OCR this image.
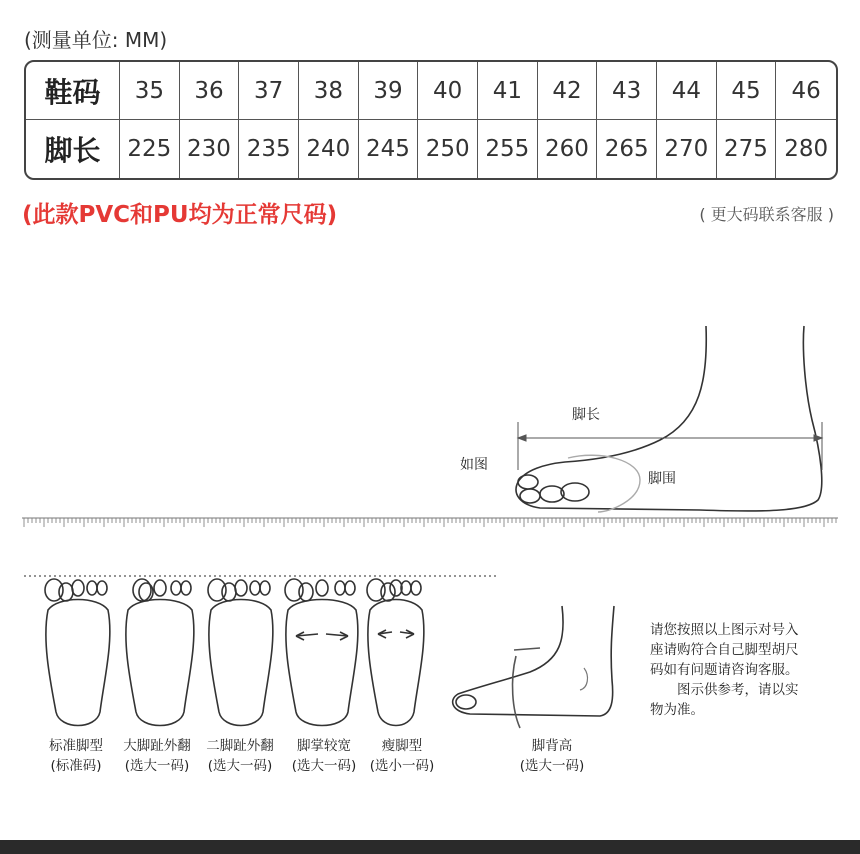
(测量单位: MM)
鞋码	35	36	37	38	39	40	41	42	43	44	45	46
脚长	225 230 235 240 245 250 255 260 265 270 275 280
(此款PVC和PU均为正常尺码)	( 更大码联系客服 )
脚长
如图
脚围
标准脚型
(标准码)
大脚趾外翻
(选大一码)
二脚趾外翻
(选大一码)
脚掌较宽
(选大一码)
瘦脚型
(选小一码)
脚背高
(选大一码)

请您按照以上图示对号入座请购符合自己脚型胡尺码如有问题请咨询客服。

图示供参考，请以实物为准。
